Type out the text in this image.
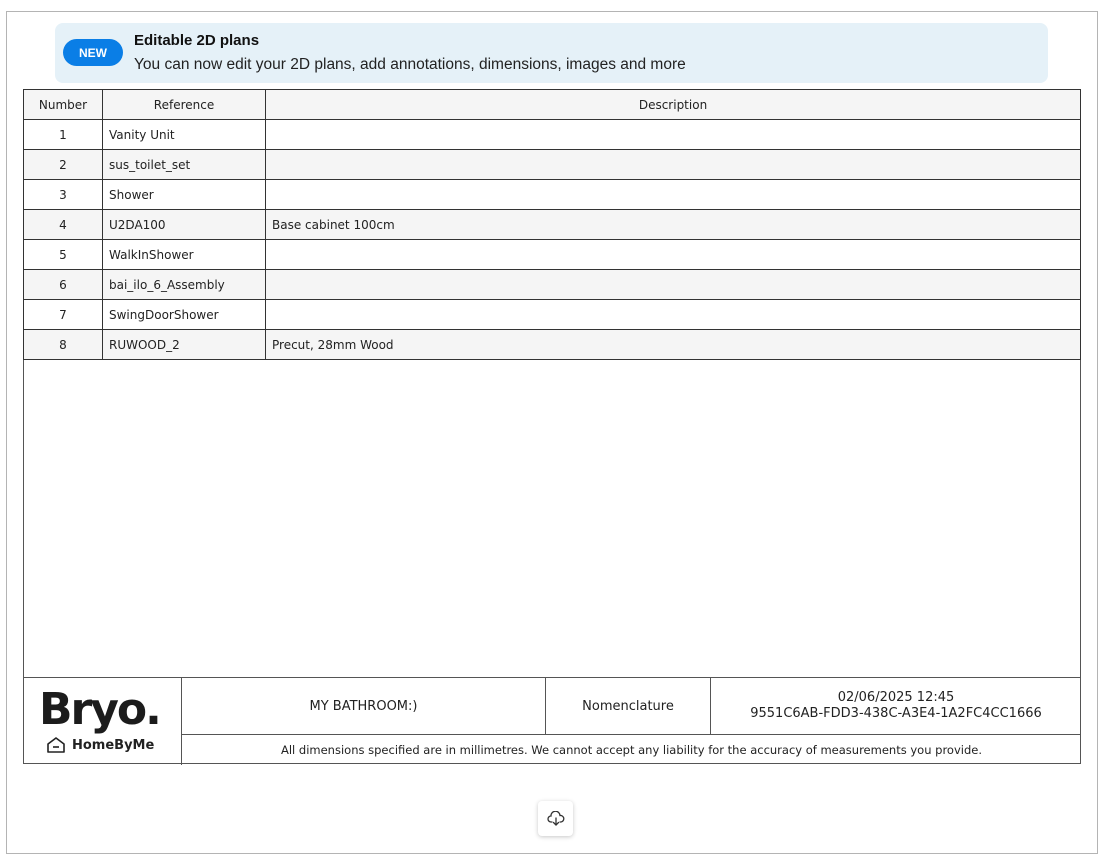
NEW
Editable 2D plans
You can now edit your 2D plans, add annotations, dimensions, images and more
Number	Reference	Description
1	Vanity Unit	
2	sus_toilet_set	
3	Shower	
4	U2DA100	Base cabinet 100cm
5	WalkInShower	
6	bai_ilo_6_Assembly	
7	SwingDoorShower	
8	RUWOOD_2	Precut, 28mm Wood
Bryo.
HomeByMe
MY BATHROOM:)	Nomenclature
02/06/2025 12:45
9551C6AB-FDD3-438C-A3E4-1A2FC4CC1666
All dimensions specified are in millimetres. We cannot accept any liability for the accuracy of measurements you provide.
